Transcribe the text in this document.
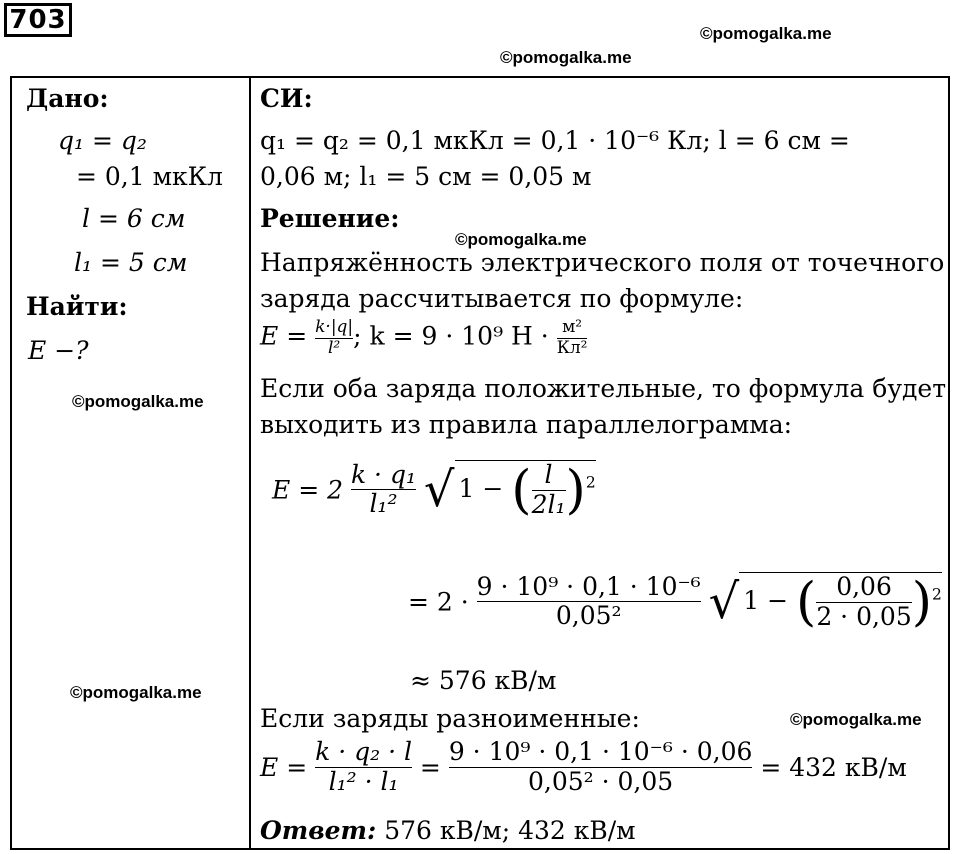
703	©pomogalka.me
©pomogalka.me
©pomogalka.me
©pomogalka.me
©pomogalka.me
©pomogalka.me
Дано:
q₁ = q₂
= 0,1 мкКл
l = 6 см
l₁ = 5 см
Найти:
E −?
СИ:
q₁ = q₂ = 0,1 мкКл = 0,1 · 10⁻⁶ Кл; l = 6 см =
0,06 м; l₁ = 5 см = 0,05 м
Решение:
Напряжённость электрического поля от точечного
заряда рассчитывается по формуле:
$E = \frac{k\cdot|q|}{\text{l²}}$ ; k = 9 · 10⁹ $Н \cdot \frac{\text{м²}}{\text{Кл²}}$
Если оба заряда положительные, то формула будет
выходить из правила параллелограмма:
$E = 2 \frac{\text{k · q₁}}{\text{l₁²}}$ √ 1 − ( $\frac{l}{\text{2l₁}} )^2$
= $2 \cdot \frac{\text{9 · 10⁹ · 0,1 · 10⁻⁶}}{\text{0,05²}}$ √ 1 − ( $\frac{0,06}{2 \cdot 0,05} )^2$
≈ 576 кВ/м
Если заряды разноименные:
$E = \frac{\text{k · q₂ · l}}{\text{l₁² · l₁}} = \frac{\text{9 · 10⁹ · 0,1 · 10⁻⁶ · 0,06}}{\text{0,05² · 0,05}} = 432$ кВ/м
Ответ: 576 кВ/м; 432 кВ/м
